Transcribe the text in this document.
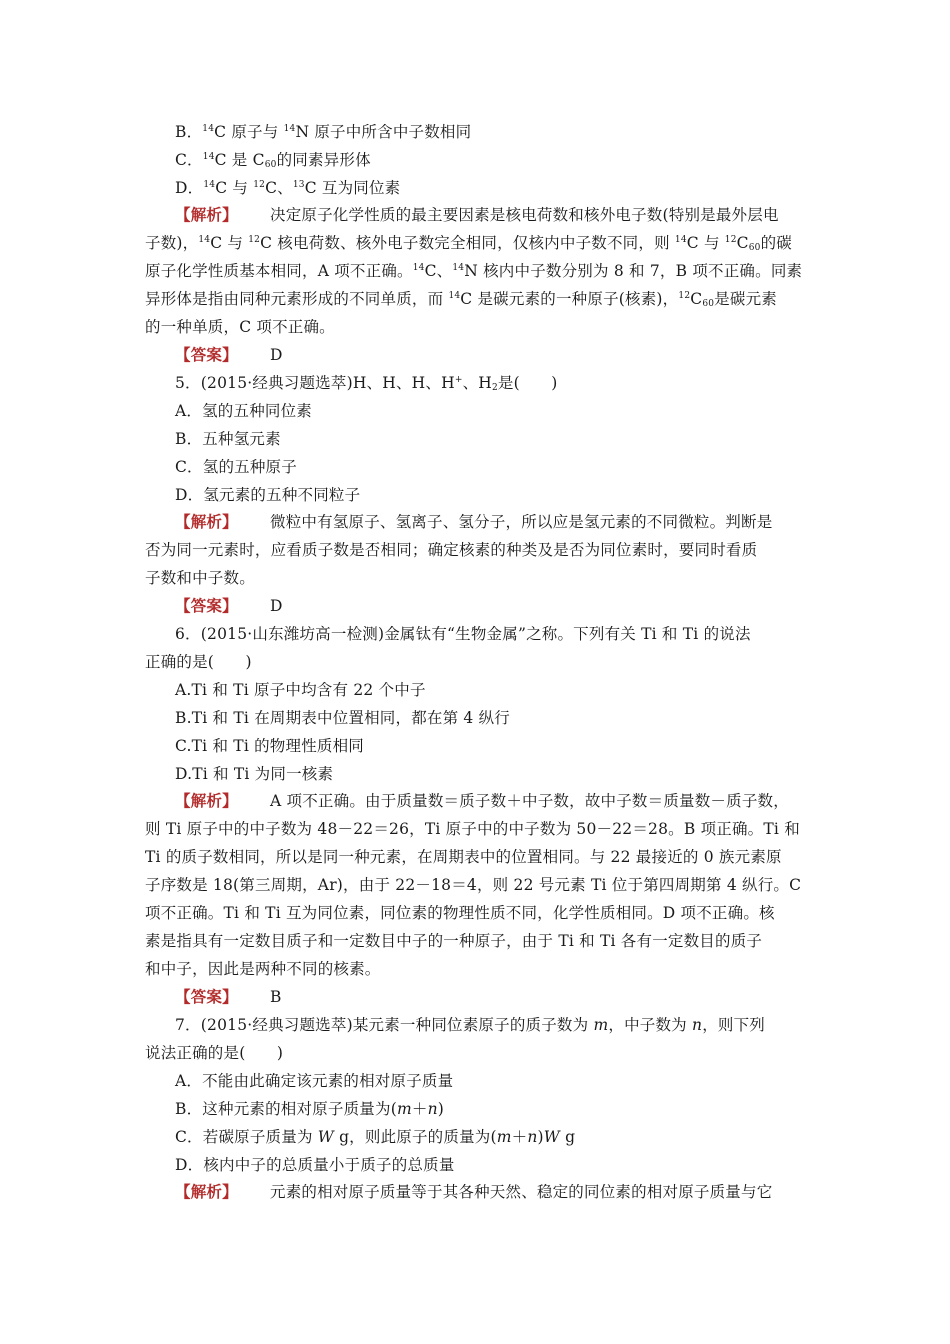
B．$^{14}$C 原子与 $^{14}$N 原子中所含中子数相同
C．$^{14}$C 是 $C_{60}$的同素异形体
D．$^{14}$C 与 $^{12}$C、$^{13}$C 互为同位素
【解析】 决定原子化学性质的最主要因素是核电荷数和核外电子数(特别是最外层电
子数)，$^{14}$C 与 $^{12}$C 核电荷数、核外电子数完全相同，仅核内中子数不同，则 $^{14}$C 与 $^{12}C_{60}$的碳
原子化学性质基本相同，A 项不正确。$^{14}$C、$^{14}$N 核内中子数分别为 8 和 7，B 项不正确。同素
异形体是指由同种元素形成的不同单质，而 $^{14}$C 是碳元素的一种原子(核素)，$^{12}C_{60}$是碳元素
的一种单质，C 项不正确。
【答案】 D
5．(2015·经典习题选萃)H、H、H、H+、$H_2$是(　　)
A．氢的五种同位素
B．五种氢元素
C．氢的五种原子
D．氢元素的五种不同粒子
【解析】 微粒中有氢原子、氢离子、氢分子，所以应是氢元素的不同微粒。判断是
否为同一元素时，应看质子数是否相同；确定核素的种类及是否为同位素时，要同时看质
子数和中子数。
【答案】 D
6．(2015·山东潍坊高一检测)金属钛有“生物金属”之称。下列有关 Ti 和 Ti 的说法
正确的是(　　)
A.Ti 和 Ti 原子中均含有 22 个中子
B.Ti 和 Ti 在周期表中位置相同，都在第 4 纵行
C.Ti 和 Ti 的物理性质相同
D.Ti 和 Ti 为同一核素
【解析】 A 项不正确。由于质量数＝质子数＋中子数，故中子数＝质量数－质子数，
则 Ti 原子中的中子数为 48－22＝26，Ti 原子中的中子数为 50－22＝28。B 项正确。Ti 和
Ti 的质子数相同，所以是同一种元素，在周期表中的位置相同。与 22 最接近的 0 族元素原
子序数是 18(第三周期，Ar)，由于 22－18＝4，则 22 号元素 Ti 位于第四周期第 4 纵行。C
项不正确。Ti 和 Ti 互为同位素，同位素的物理性质不同，化学性质相同。D 项不正确。核
素是指具有一定数目质子和一定数目中子的一种原子，由于 Ti 和 Ti 各有一定数目的质子
和中子，因此是两种不同的核素。
【答案】 B
7．(2015·经典习题选萃)某元素一种同位素原子的质子数为 m，中子数为 n，则下列
说法正确的是(　　)
A．不能由此确定该元素的相对原子质量
B．这种元素的相对原子质量为(m＋n)
C．若碳原子质量为 W g，则此原子的质量为(m＋n)W g
D．核内中子的总质量小于质子的总质量
【解析】 元素的相对原子质量等于其各种天然、稳定的同位素的相对原子质量与它
